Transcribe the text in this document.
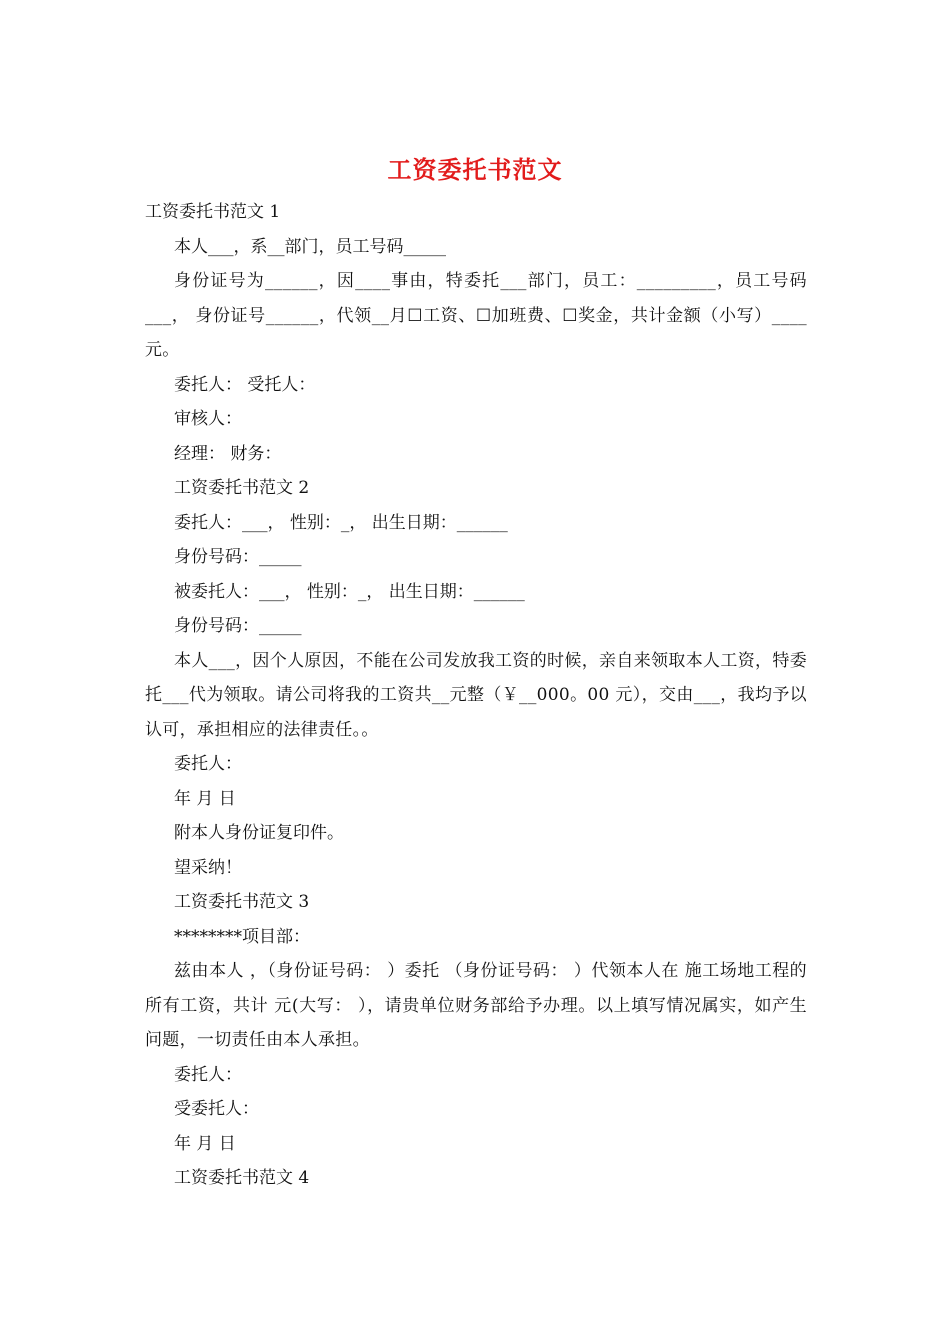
工资委托书范文

工资委托书范文 1

本人___，系__部门，员工号码_____

身份证号为______，因____事由，特委托___部门，员工：_________，员工号码___， 身份证号______，代领__月☐工资、☐加班费、☐奖金，共计金额（小写）____元。

委托人： 受托人：

审核人：

经理： 财务：

工资委托书范文 2

委托人：___， 性别：_， 出生日期：______

身份号码：_____

被委托人：___， 性别：_， 出生日期：______

身份号码：_____

本人___，因个人原因，不能在公司发放我工资的时候，亲自来领取本人工资，特委托___代为领取。请公司将我的工资共__元整（￥__000。00 元），交由___，我均予以认可，承担相应的法律责任。。

委托人：

年 月 日

附本人身份证复印件。

望采纳！

工资委托书范文 3

********项目部：

兹由本人 ，（身份证号码： ）委托 （身份证号码： ）代领本人在 施工场地工程的所有工资，共计 元(大写： ），请贵单位财务部给予办理。以上填写情况属实，如产生问题，一切责任由本人承担。

委托人：

受委托人：

年 月 日

工资委托书范文 4
